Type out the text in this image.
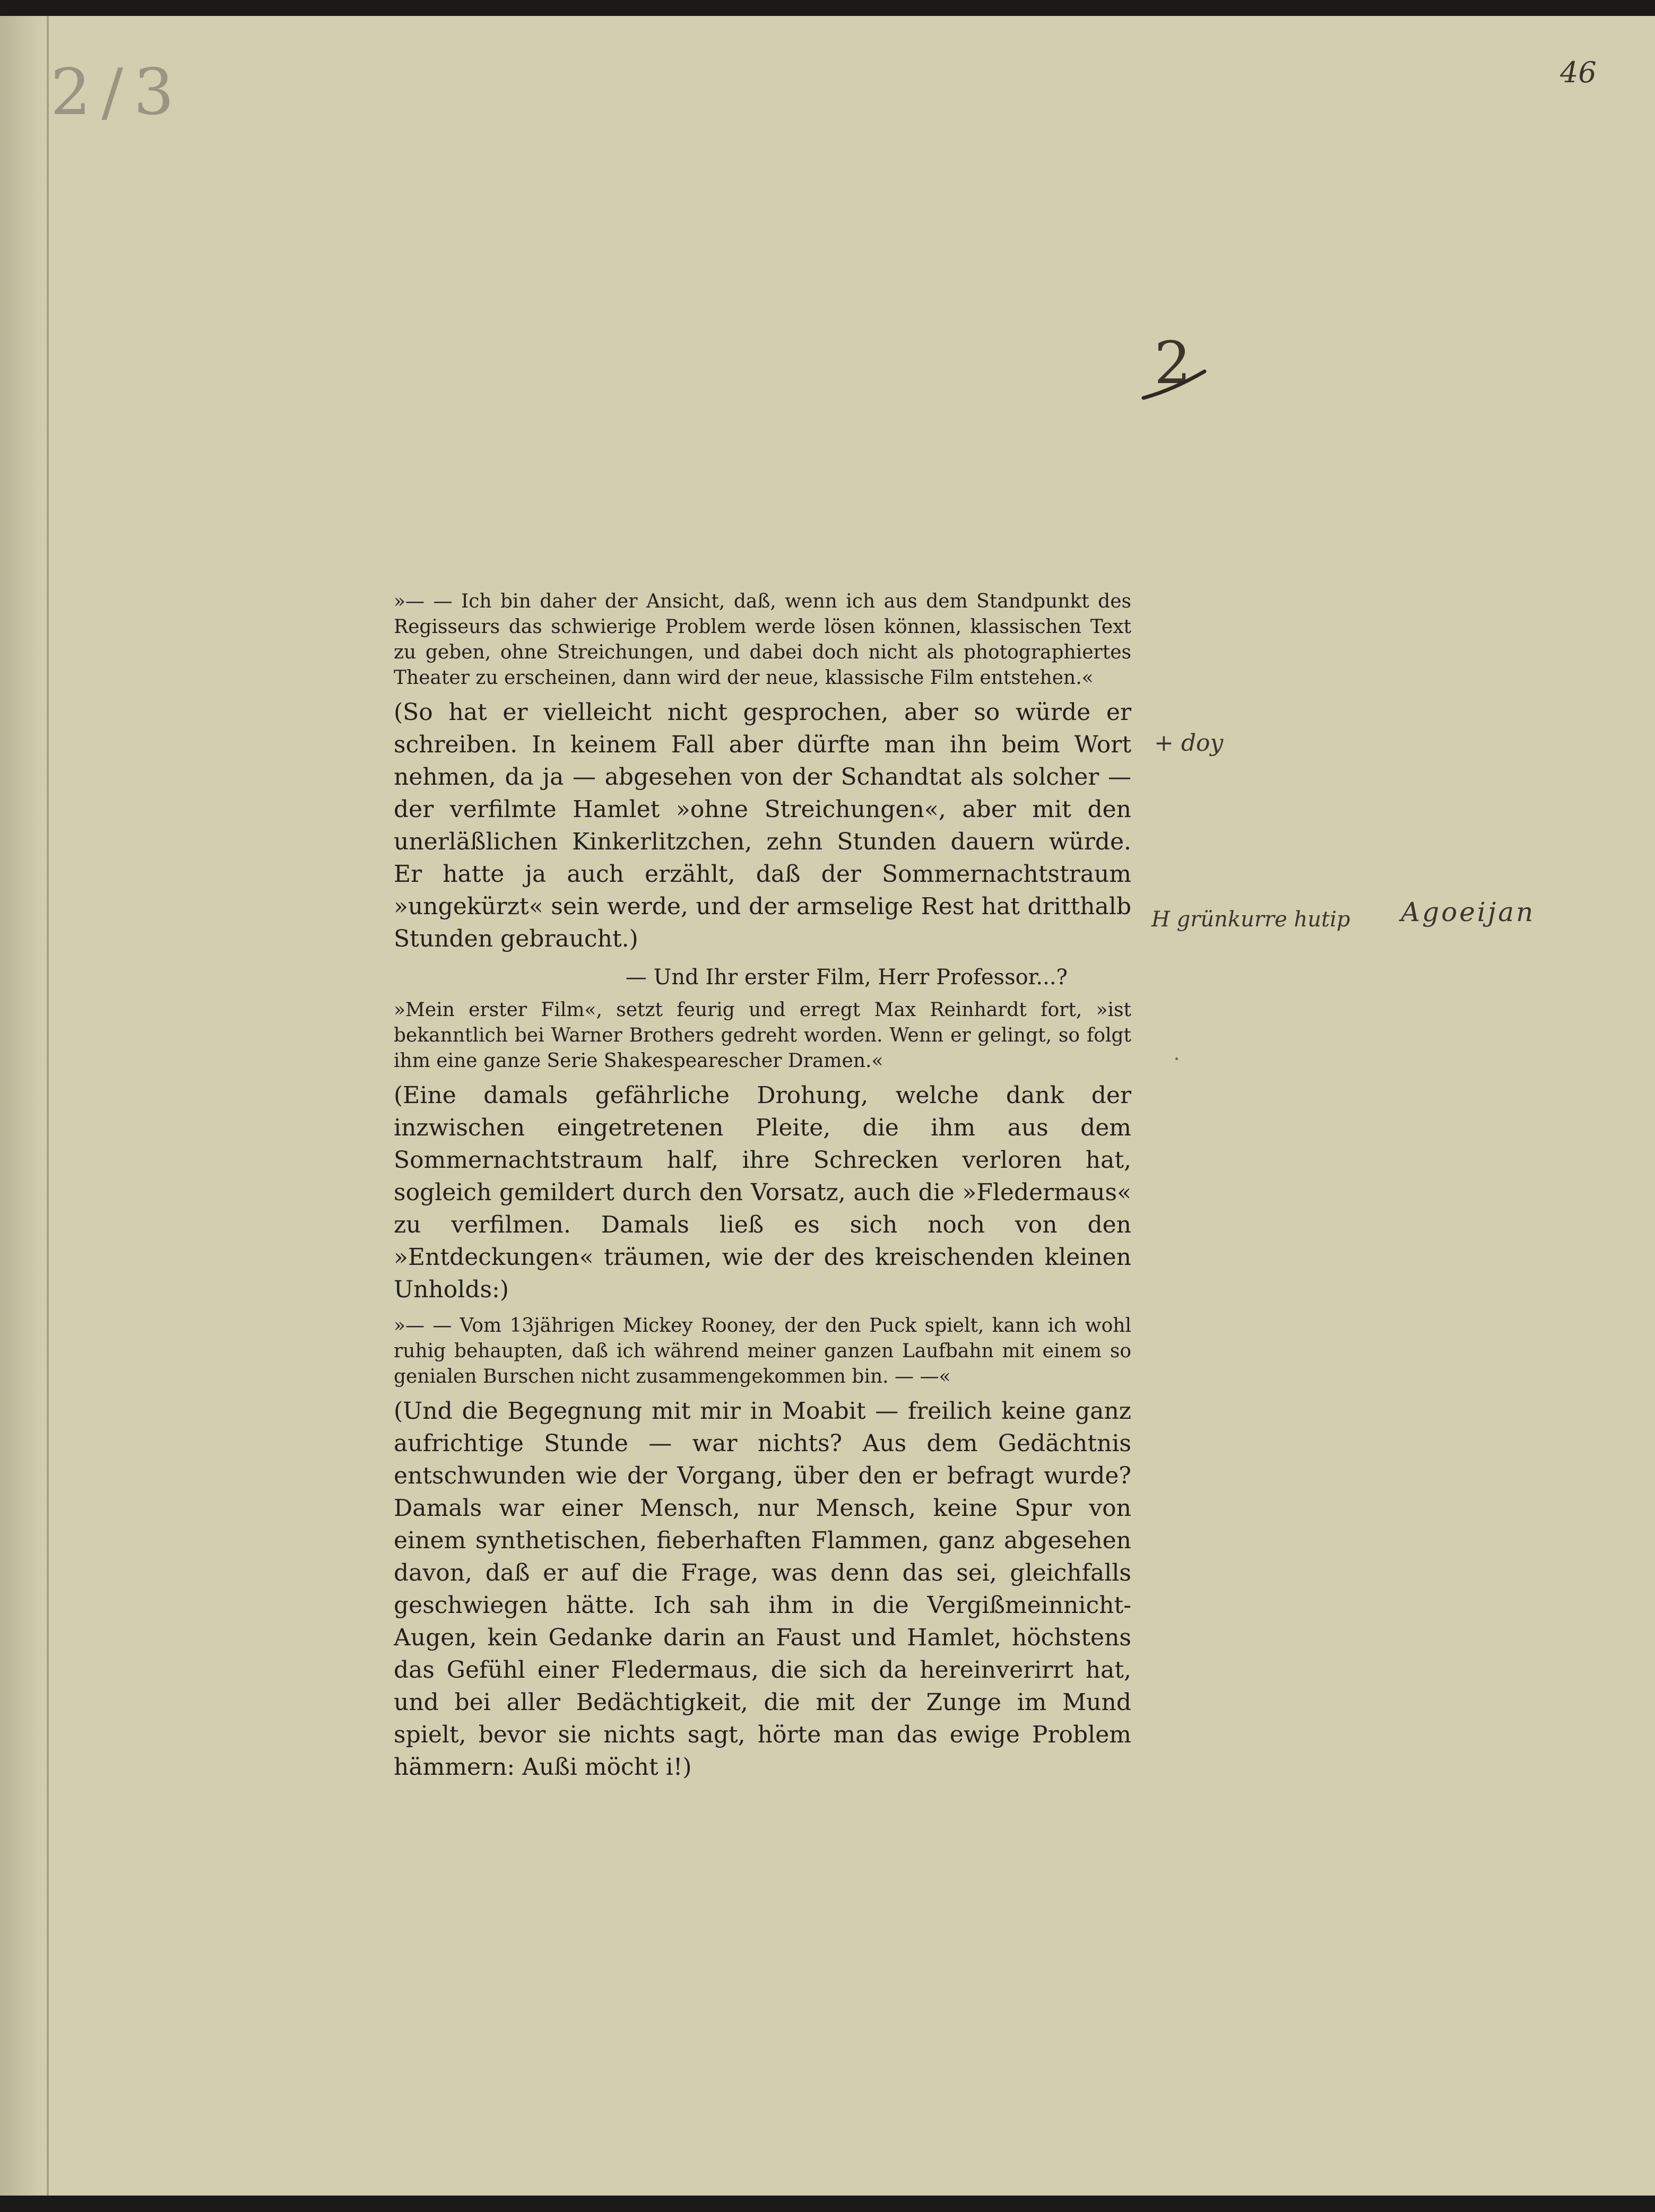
2/3	46
2
+ doy
H grünkurre hutip Agoeijan

»— — Ich bin daher der Ansicht, daß, wenn ich aus dem Standpunkt des Regisseurs das schwierige Problem werde lösen können, klassischen Text zu geben, ohne Streichungen, und dabei doch nicht als photographiertes Theater zu erscheinen, dann wird der neue, klassische Film entstehen.«

(So hat er vielleicht nicht gesprochen, aber so würde er schreiben. In keinem Fall aber dürfte man ihn beim Wort nehmen, da ja — abgesehen von der Schandtat als solcher — der verfilmte Hamlet »ohne Streichungen«, aber mit den unerläßlichen Kinkerlitzchen, zehn Stunden dauern würde. Er hatte ja auch erzählt, daß der Sommernachtstraum »ungekürzt« sein werde, und der armselige Rest hat dritthalb Stunden gebraucht.)

— Und Ihr erster Film, Herr Professor...?

»Mein erster Film«, setzt feurig und erregt Max Reinhardt fort, »ist bekanntlich bei Warner Brothers gedreht worden. Wenn er gelingt, so folgt ihm eine ganze Serie Shakespearescher Dramen.«

(Eine damals gefährliche Drohung, welche dank der inzwischen eingetretenen Pleite, die ihm aus dem Sommernachtstraum half, ihre Schrecken verloren hat, sogleich gemildert durch den Vorsatz, auch die »Fledermaus« zu verfilmen. Damals ließ es sich noch von den »Entdeckungen« träumen, wie der des kreischenden kleinen Unholds:)

»— — Vom 13jährigen Mickey Rooney, der den Puck spielt, kann ich wohl ruhig behaupten, daß ich während meiner ganzen Laufbahn mit einem so genialen Burschen nicht zusammengekommen bin. — —«

(Und die Begegnung mit mir in Moabit — freilich keine ganz aufrichtige Stunde — war nichts? Aus dem Gedächtnis entschwunden wie der Vorgang, über den er befragt wurde? Damals war einer Mensch, nur Mensch, keine Spur von einem synthetischen, fieberhaften Flammen, ganz abgesehen davon, daß er auf die Frage, was denn das sei, gleichfalls geschwiegen hätte. Ich sah ihm in die Vergißmeinnicht-Augen, kein Gedanke darin an Faust und Hamlet, höchstens das Gefühl einer Fledermaus, die sich da hereinverirrt hat, und bei aller Bedächtigkeit, die mit der Zunge im Mund spielt, bevor sie nichts sagt, hörte man das ewige Problem hämmern: Außi möcht i!)
